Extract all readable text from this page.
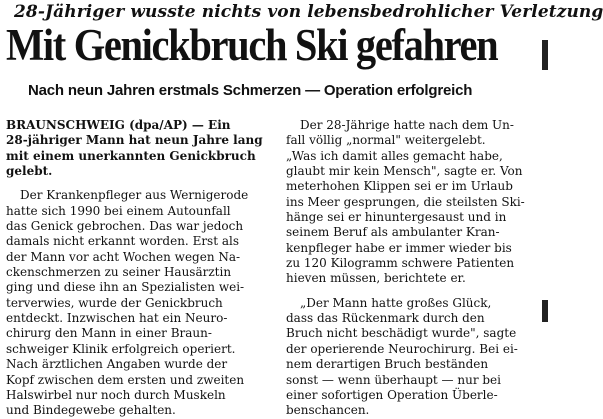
28-Jähriger wusste nichts von lebensbedrohlicher Verletzung
Mit Genickbruch Ski gefahren
Nach neun Jahren erstmals Schmerzen — Operation erfolgreich
BRAUNSCHWEIG (dpa/AP) — Ein
28-jähriger Mann hat neun Jahre lang
mit einem unerkannten Genickbruch
gelebt.
Der Krankenpfleger aus Wernigerode
hatte sich 1990 bei einem Autounfall
das Genick gebrochen. Das war jedoch
damals nicht erkannt worden. Erst als
der Mann vor acht Wochen wegen Na-
ckenschmerzen zu seiner Hausärztin
ging und diese ihn an Spezialisten wei-
terverwies, wurde der Genickbruch
entdeckt. Inzwischen hat ein Neuro-
chirurg den Mann in einer Braun-
schweiger Klinik erfolgreich operiert.
Nach ärztlichen Angaben wurde der
Kopf zwischen dem ersten und zweiten
Halswirbel nur noch durch Muskeln
und Bindegewebe gehalten.
Der 28-Jährige hatte nach dem Un-
fall völlig „normal" weitergelebt.
„Was ich damit alles gemacht habe,
glaubt mir kein Mensch", sagte er. Von
meterhohen Klippen sei er im Urlaub
ins Meer gesprungen, die steilsten Ski-
hänge sei er hinuntergesaust und in
seinem Beruf als ambulanter Kran-
kenpfleger habe er immer wieder bis
zu 120 Kilogramm schwere Patienten
hieven müssen, berichtete er.
„Der Mann hatte großes Glück,
dass das Rückenmark durch den
Bruch nicht beschädigt wurde", sagte
der operierende Neurochirurg. Bei ei-
nem derartigen Bruch beständen
sonst — wenn überhaupt — nur bei
einer sofortigen Operation Überle-
benschancen.
